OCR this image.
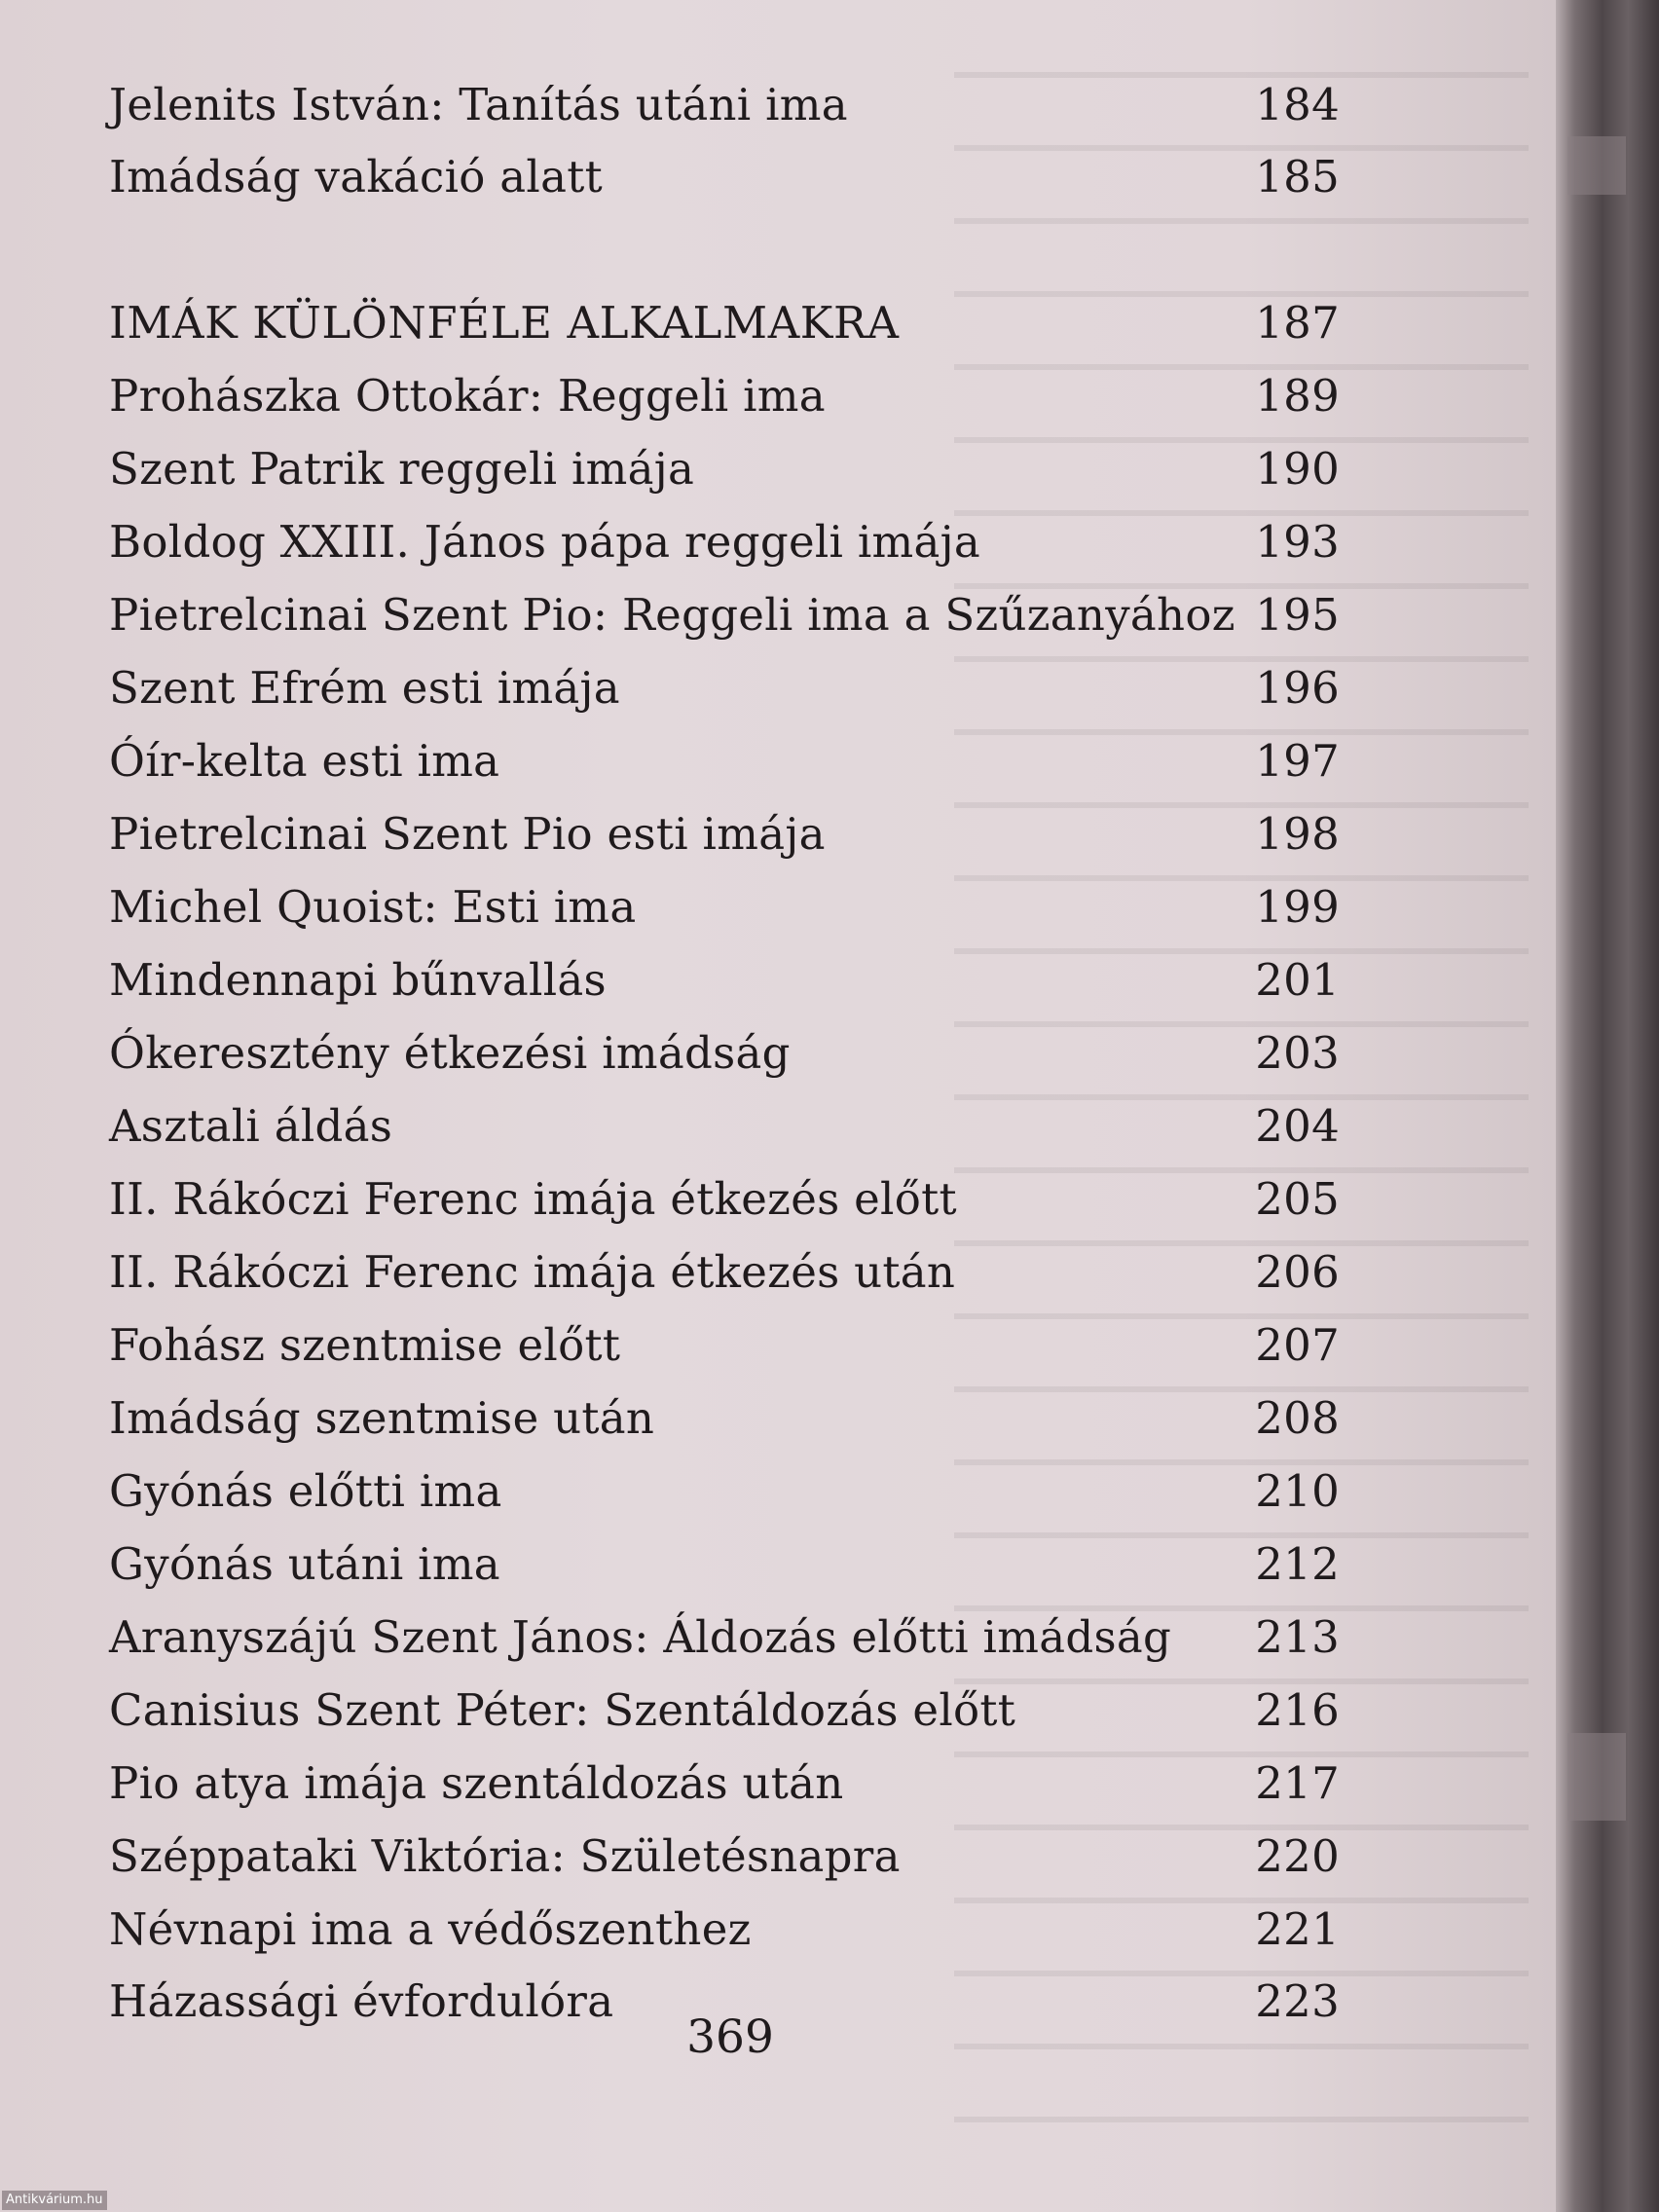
Jelenits István: Tanítás utáni ima	184
Imádság vakáció alatt	185
IMÁK KÜLÖNFÉLE ALKALMAKRA	187
Prohászka Ottokár: Reggeli ima	189
Szent Patrik reggeli imája	190
Boldog XXIII. János pápa reggeli imája	193
Pietrelcinai Szent Pio: Reggeli ima a Szűzanyához 195
Szent Efrém esti imája	196
Óír-kelta esti ima	197
Pietrelcinai Szent Pio esti imája	198
Michel Quoist: Esti ima	199
Mindennapi bűnvallás	201
Ókeresztény étkezési imádság	203
Asztali áldás	204
II. Rákóczi Ferenc imája étkezés előtt	205
II. Rákóczi Ferenc imája étkezés után	206
Fohász szentmise előtt	207
Imádság szentmise után	208
Gyónás előtti ima	210
Gyónás utáni ima	212
Aranyszájú Szent János: Áldozás előtti imádság 213
Canisius Szent Péter: Szentáldozás előtt	216
Pio atya imája szentáldozás után	217
Széppataki Viktória: Születésnapra	220
Névnapi ima a védőszenthez	221
Házassági évfordulóra	223
369
Antikvárium.hu
